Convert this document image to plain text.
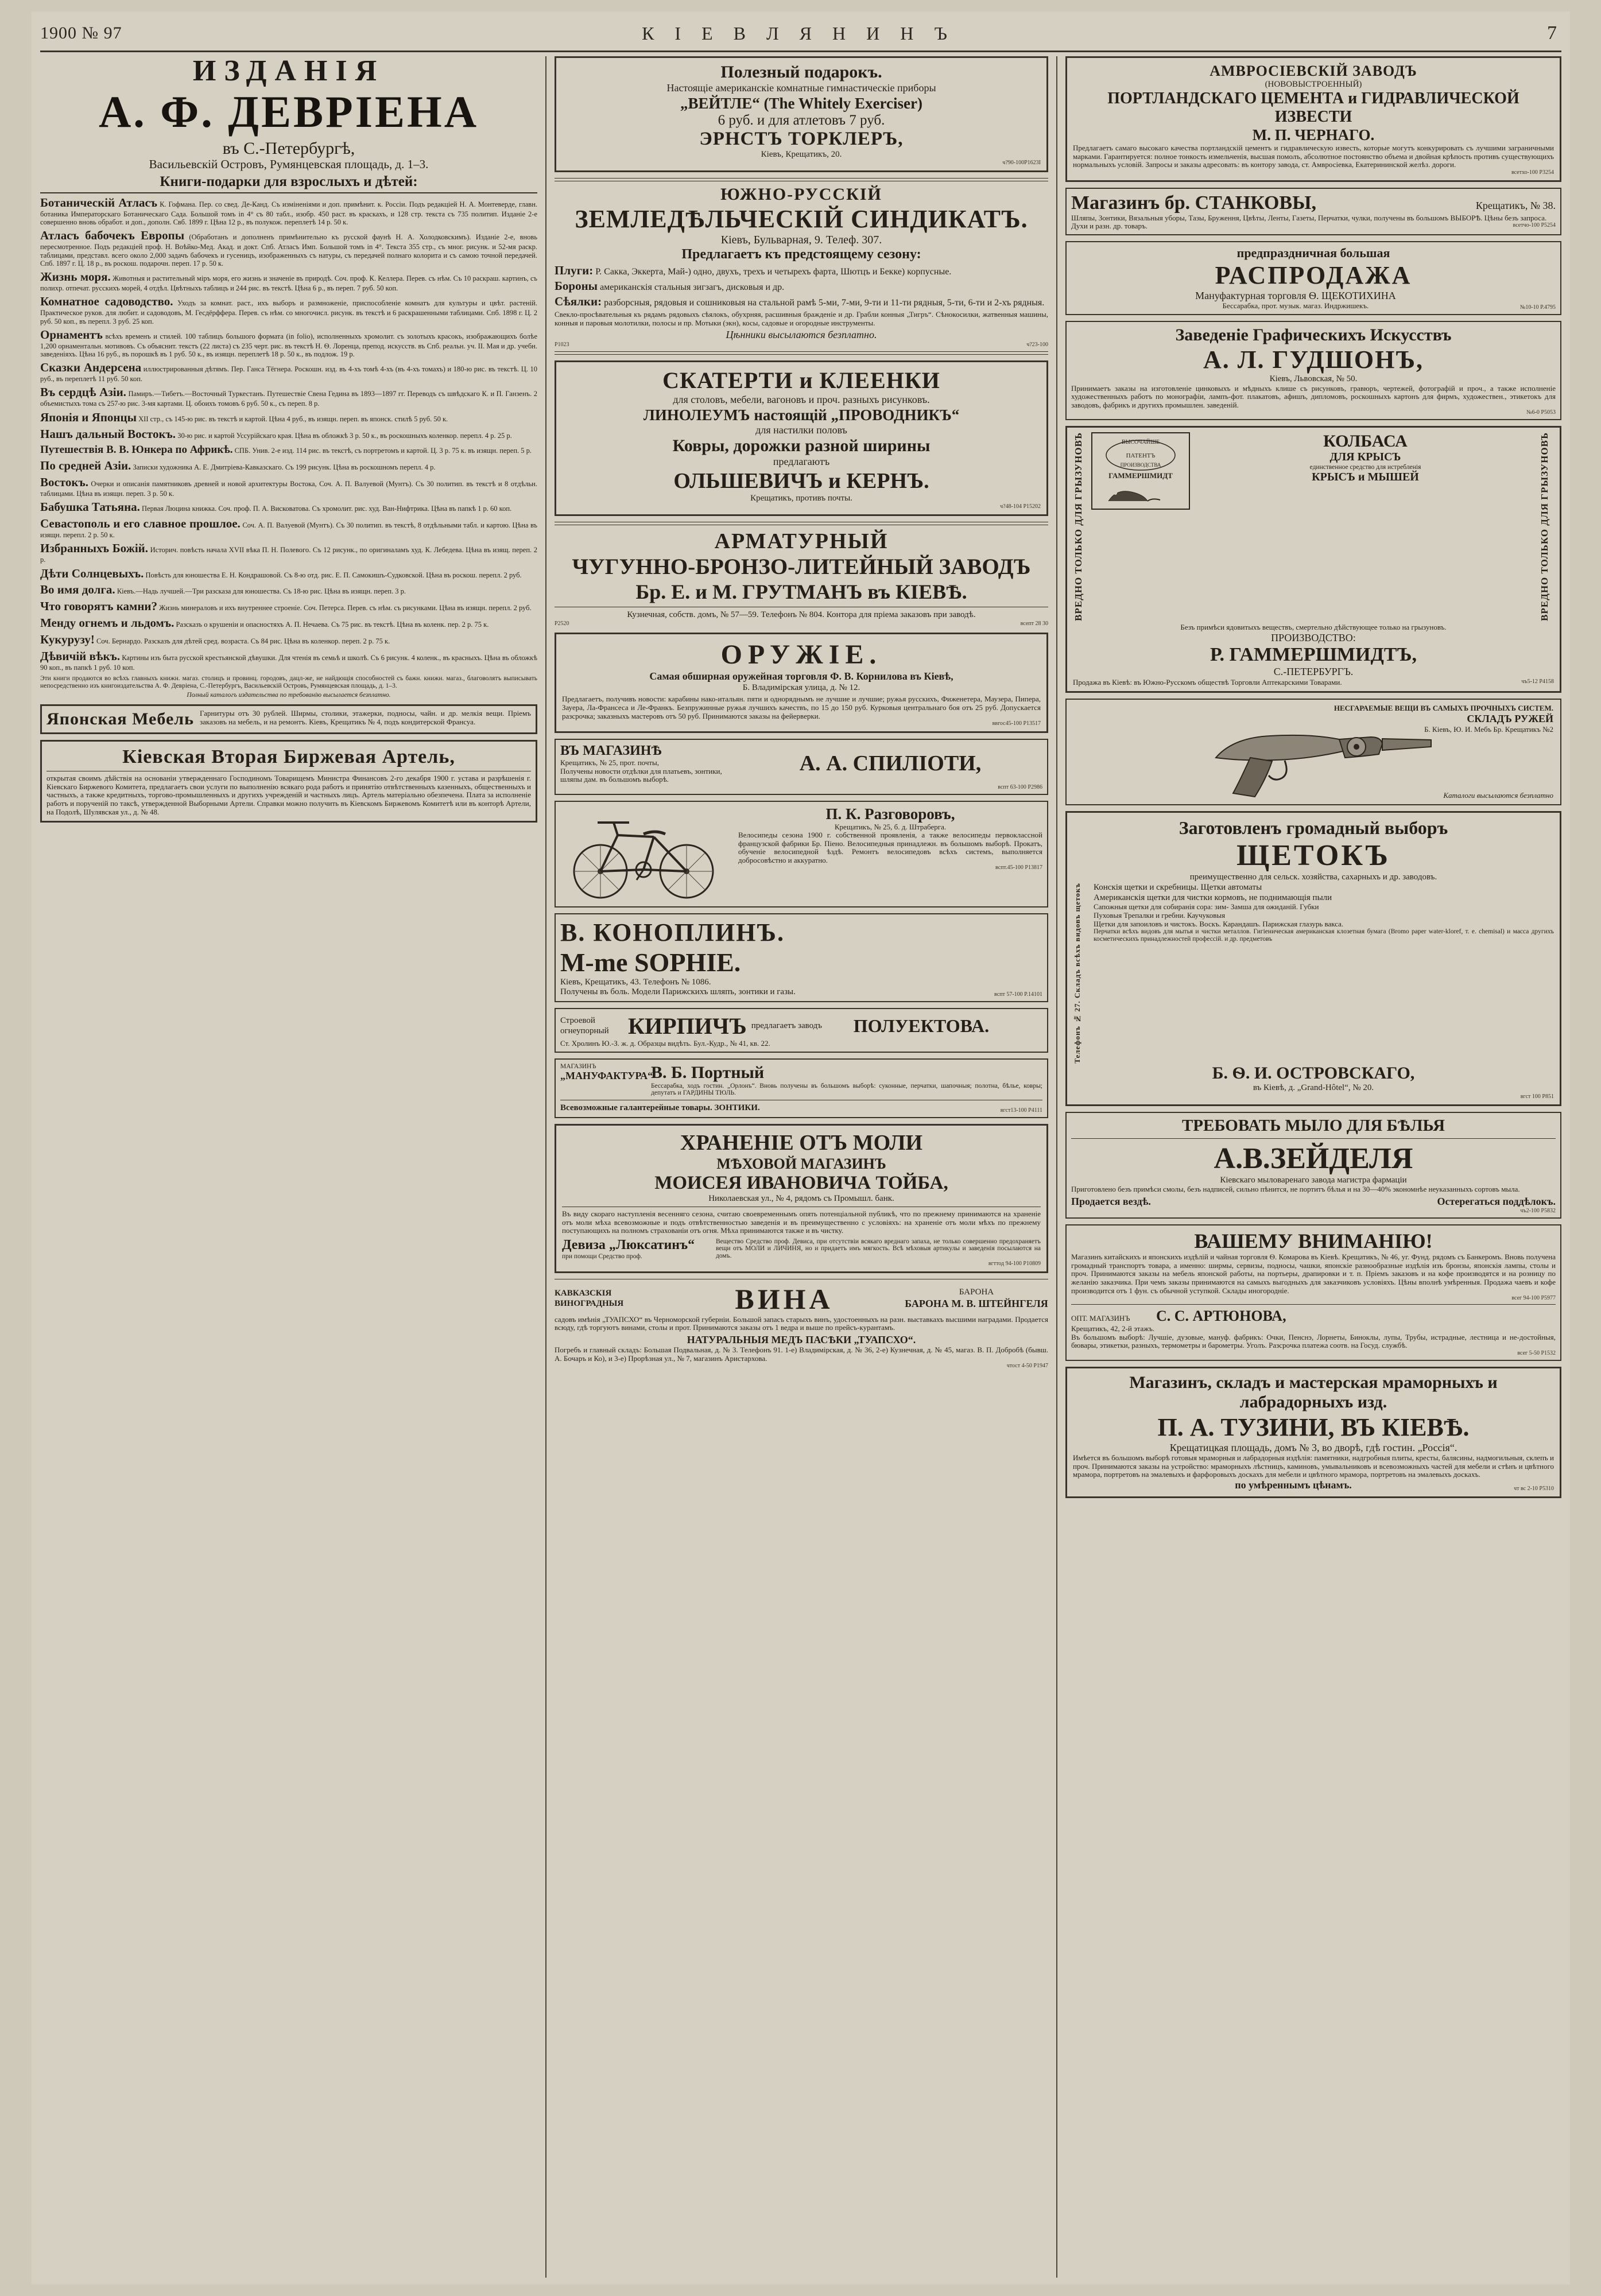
1900 № 97	К І Е В Л Я Н И Н Ъ	7
ИЗДАНІЯ
А. Ф. ДЕВРІЕНА
въ С.-Петербургѣ,
Васильевскій Островъ, Румянцевская площадь, д. 1–3.
Книги-подарки для взрослыхъ и дѣтей:
Ботаническій Атласъ К. Гофмана. Пер. со свед. Де-Канд. Съ изміненіями и доп. примѣнит. к. Россіи. Подъ редакціей Н. А. Монтеверде, главн. ботаника Императорскаго Ботаническаго Сада. Большой томъ in 4° съ 80 табл., изобр. 450 раст. въ краскахъ, и 128 стр. текста съ 735 политип. Изданіе 2-е совершенно вновь обработ. и доп., дополн. Свб. 1899 г. Цѣна 12 р., въ полукож. переплетѣ 14 р. 50 к.
Атласъ бабочекъ Европы (Обработанъ и дополненъ примѣнительно къ русской фаунѣ Н. А. Холодковскимъ). Изданіе 2-е, вновь пересмотренное. Подъ редакціей проф. Н. Воѣйко-Мед. Акад. и докт. Спб. Атласъ Имп. Большой томъ in 4°. Текста 355 стр., съ мног. рисунк. и 52-мя раскр. таблицами, представл. всего около 2,000 задачъ бабочекъ и гусеницъ, изображенныхъ съ натуры, съ передачей полнаго колорита и съ самою точной передачей. Спб. 1897 г. Ц. 18 р., въ роскош. подарочн. переп. 17 р. 50 к.
Жизнь моря. Животныя и растительный міръ моря, его жизнь и значеніе въ природѣ. Соч. проф. К. Келлера. Перев. съ нѣм. Съ 10 раскраш. картинъ, съ полихр. отпечат. русскихъ морей, 4 отдѣл. Цвѣтныхъ таблицъ и 244 рис. въ текстѣ. Цѣна 6 р., въ переп. 7 руб. 50 коп.
Комнатное садоводство. Уходъ за комнат. раст., ихъ выборъ и размноженіе, приспособленіе комнатъ для культуры и цвѣт. растеній. Практическое руков. для любит. и садоводовъ, М. Гесдёрффера. Перев. съ нѣм. со многочисл. рисунк. въ текстѣ и 6 раскрашенными таблицами. Спб. 1898 г. Ц. 2 руб. 50 коп., въ перепл. 3 руб. 25 коп.
Орнаментъ всѣхъ временъ и стилей. 100 таблицъ большого формата (in folio), исполненныхъ хромолит. съ золотыхъ красокъ, изображающихъ болѣе 1,200 орнаментальн. мотивовъ. Съ объяснит. текстъ (22 листа) съ 235 черт. рис. въ текстѣ Н. Ѳ. Лоренца, препод. искусств. въ Спб. реальн. уч. II. Мая и др. учебн. заведеніяхъ. Цѣна 16 руб., въ порошкѣ въ 1 руб. 50 к., въ изящн. переплетѣ 18 р. 50 к., въ подлож. 19 р.
Сказки Андерсена иллюстрированныя дѣтямъ. Пер. Ганса Тёгнера. Роскошн. изд. въ 4-хъ томѣ 4-хъ (въ 4-хъ томахъ) и 180-ю рис. въ текстѣ. Ц. 10 руб., въ переплетѣ 11 руб. 50 коп.
Въ сердцѣ Азіи. Памиръ.—Тибетъ.—Восточный Туркестанъ. Путешествіе Свена Гедина въ 1893—1897 гг. Переводъ съ швѣдскаго К. и П. Ганзенъ. 2 объемистыхъ тома съ 257-ю рис. 3-мя картами. Ц. обоихъ томовъ 6 руб. 50 к., съ переп. 8 р.
Японія и Японцы XII стр., съ 145-ю рис. въ текстѣ и картой. Цѣна 4 руб., въ изящн. переп. въ японск. стилѣ 5 руб. 50 к.
Нашъ дальный Востокъ. 30-ю рис. и картой Уссурійскаго края. Цѣна въ обложкѣ 3 р. 50 к., въ роскошныхъ коленкор. перепл. 4 р. 25 р.
Путешествія В. В. Юнкера по Африкѣ. СПБ. Унив. 2-е изд. 114 рис. въ текстѣ, съ портретомъ и картой. Ц. 3 р. 75 к. въ изящн. переп. 5 р.
По средней Азіи. Записки художника А. Е. Дмитріева-Кавказскаго. Съ 199 рисунк. Цѣна въ роскошномъ перепл. 4 р.
Востокъ. Очерки и описанія памятниковъ древней и новой архитектуры Востока, Соч. А. П. Валуевой (Мунтъ). Съ 30 политип. въ текстѣ и 8 отдѣльн. таблицами. Цѣна въ изящн. переп. 3 р. 50 к.
Бабушка Татьяна. Первая Люцина книжка. Соч. проф. П. А. Висковатова. Съ хромолит. рис. худ. Ван-Нифтрика. Цѣна въ папкѣ 1 р. 60 коп.
Севастополь и его славное прошлое. Соч. А. П. Валуевой (Мунтъ). Съ 30 политип. въ текстѣ, 8 отдѣльными табл. и картою. Цѣна въ изящн. перепл. 2 р. 50 к.
Избранныхъ Божій. Историч. повѣсть начала XVII вѣка П. Н. Полевого. Съ 12 рисунк., по оригиналамъ худ. К. Лебедева. Цѣна въ изящ. переп. 2 р.
Дѣти Солнцевыхъ. Повѣсть для юношества Е. Н. Кондрашовой. Съ 8-ю отд. рис. Е. П. Самокишъ-Судковской. Цѣна въ роскош. перепл. 2 руб.
Во имя долга. Кіевъ.—Надь лучшей.—Три разсказа для юношества. Съ 18-ю рис. Цѣна въ изящн. переп. 3 р.
Что говорятъ камни? Жизнь минераловъ и ихъ внутреннее строеніе. Соч. Петерса. Перев. съ нѣм. съ рисунками. Цѣна въ изящн. перепл. 2 руб.
Менду огнемъ и льдомъ. Разсказъ о крушеніи и опасностяхъ А. П. Нечаева. Съ 75 рис. въ текстѣ. Цѣна въ коленк. пер. 2 р. 75 к.
Кукурузу! Соч. Бернардо. Разсказъ для дѣтей сред. возраста. Съ 84 рис. Цѣна въ коленкор. переп. 2 р. 75 к.
Дѣвичій вѣкъ. Картины изъ быта русской крестьянской дѣвушки. Для чтенія въ семьѣ и школѣ. Съ 6 рисунк. 4 коленк., въ красныхъ. Цѣна въ обложкѣ 90 коп., въ папкѣ 1 руб. 10 коп.
Эти книги продаются во всѣхъ главныхъ книжн. магаз. столицъ и провинц. городовъ, дацл-же, не найдющія способностей съ бажн. книжн. магаз., благоволятъ выписывать непосредственно изъ книгоиздательства А. Ф. Девріена, С.-Петербургъ, Васильевскій Островъ, Румянцевская площадь, д. 1–3.
Полный каталогъ издательства по требованію высылается безплатно.
Японская Мебель Гарнитуры отъ 30 рублей. Ширмы, столики, этажерки, подносы, чайн. и др. мелкія вещи. Пріемъ заказовъ на мебель, и на ремонтъ. Кіевъ, Крещатикъ № 4, подъ кондитерской Франсуа.
Кіевская Вторая Биржевая Артель,
открытая своимъ дѣйствія на основаніи утвержденнаго Господиномъ Товарищемъ Министра Финансовъ 2-го декабря 1900 г. устава и разрѣшенія г. Кіевскаго Биржевого Комитета, предлагаетъ свои услуги по выполненію всякаго рода работъ и принятію отвѣтственныхъ казенныхъ, общественныхъ и частныхъ, а также кредитныхъ, торгово-промышленныхъ и другихъ учрежденій и частныхъ лицъ. Артель матеріально обезпечена. Плата за исполненіе работъ и порученій по таксѣ, утвержденной Выборными Артели. Справки можно получить въ Кіевскомъ Биржевомъ Комитетѣ или въ конторѣ Артели, на Подолѣ, Шулявская ул., д. № 48.
Полезный подарокъ.
Настоящіе американскіе комнатные гимнастическіе приборы
„ВЕЙТЛЕ“ (The Whitely Exerciser)
6 руб. и для атлетовъ 7 руб.
ЭРНСТЪ ТОРКЛЕРЪ,
Кіевъ, Крещатикъ, 20.
ч?90-100Р1623I
ЮЖНО-РУССКІЙ
ЗЕМЛЕДѢЛЬЧЕСКІЙ СИНДИКАТЪ.
Кіевъ, Бульварная, 9. Телеф. 307.
Предлагаетъ къ предстоящему сезону:
Плуги: Р. Сакка, Эккерта, Май-) одно, двухъ, трехъ и четырехъ фарта, Шютцъ и Бекке) корпусные.
Бороны американскія стальныя зигзагъ, дисковыя и др.
Сѣялки: разборсныя, рядовыя и сошниковыя на стальной рамѣ 5-ми, 7-ми, 9-ти и 11-ти рядныя, 5-ти, 6-ти и 2-хъ рядныя.
Свекло-просѣвательныя къ рядамъ рядовыхъ сѣялокъ, обухрняя, расшивныя бражденіе и др. Грабли конныя „Тигръ“. Сѣнокосилки, жатвенныя машины, конныя и паровыя молотилки, полосы и пр. Мотыки (экн), косы, садовые и огородные инструменты.
Цѣнники высылаются безплатно.
Р1023	ч?23-100
СКАТЕРТИ и КЛЕЕНКИ
для столовъ, мебели, вагоновъ и проч. разныхъ рисунковъ.
ЛИНОЛЕУМЪ настоящій „ПРОВОДНИКЪ“
для настилки половъ
Ковры, дорожки разной ширины
предлагаютъ
ОЛЬШЕВИЧЪ и КЕРНЪ.
Крещатикъ, противъ почты.
ч?48-104 Р15202
АРМАТУРНЫЙ
ЧУГУННО-БРОНЗО-ЛИТЕЙНЫЙ ЗАВОДЪ
Бр. Е. и М. ГРУТМАНЪ въ КІЕВѢ.
Кузнечная, собств. домъ, № 57—59. Телефонъ № 804. Контора для пріема заказовъ при заводѣ.
Р2520	всепт 28 30
ОРУЖІЕ.
Самая обширная оружейная торговля Ф. В. Корнилова въ Кіевѣ,
Б. Владимірская улица, д. № 12.
Предлагаетъ, получивъ новости: карабины нако-итальян. пяти и одноряднымъ не лучшие и лучшие; ружья русскихъ, Фиженетера, Маузера, Пипера, Зауера, Ла-Франсеса и Ле-Франкъ. Безпружинные ружья лучшихъ качествъ, по 15 до 150 руб. Курковыя центральнаго боя отъ 25 руб. Допускается разсрочка; заказныхъ мастеровъ отъ 50 руб. Принимаются заказы на фейерверки.
ввгос45-100 Р13517
ВЪ МАГАЗИНѢ
Крещатикъ, № 25, прот. почты,
Получены новости отдѣлки для платьевъ, зонтики, шляпы дам. въ большомъ выборѣ.
А. А. СПИЛІОТИ,
вспт 63-100 Р2986
П. К. Разговоровъ,
Крещатикъ, № 25, б. д. Штраберга.
Велосипеды сезона 1900 г. собственной проявленія, а также велосипеды первоклассной французской фабрики Бр. Піено. Велосипедныя принадлежн. въ большомъ выборѣ. Прокатъ, обученіе велосипедной ѣздѣ. Ремонтъ велосипедовъ всѣхъ системъ, выполняется добросовѣстно и аккуратно.
вспт.45-100 Р13817
В. КОНОПЛИНЪ.
M-me SOPHIE.
Кіевъ, Крещатикъ, 43. Телефонъ № 1086.
Получены въ боль. Модели Парижскихъ шляпъ, зонтики и газы.	вспт 57-100 Р.14101
Строевой
огнеупорный КИРПИЧЪ предлагаетъ заводъ	ПОЛУЕКТОВА.
Ст. Хролинъ Ю.-З. ж. д. Образцы видѣть. Бул.-Кудр., № 41, кв. 22.
МАГАЗИНЪ
„МАНУФАКТУРА“
В. Б. Портный
Бессарабка, ходъ гостин. „Орлонъ“. Вновь получены въ большомъ выборѣ: суконные, перчатки, шапочныя; полотна, бѣлье, ковры; депутатъ и ГАРДИНЫ ТЮЛЬ.
Всевозможные галантерейные товары. ЗОНТИКИ.	вгст13-100 Р4111
ХРАНЕНІЕ ОТЪ МОЛИ
МѢХОВОЙ МАГАЗИНЪ
МОИСЕЯ ИВАНОВИЧА ТОЙБА,
Николаевская ул., № 4, рядомъ съ Промышл. банк.
Въ виду скораго наступленія весенняго сезона, считаю своевременнымъ опять потенціальной публикѣ, что по прежнему принимаются на храненіе отъ моли мѣха всевозможные и подъ отвѣтственностью заведенія и въ преимущественно с условіяхъ: на храненіе отъ моли мѣхъ по прежнему поступающихъ на полномъ страхованіи отъ огня. Мѣха принимаются также и въ чистку.
Девиза „Люксатинъ“
при помощи Средство проф.
Вещество Средство проф. Девиса, при отсутствіи всякаго вреднаго запаха, не только совершенно предохраняетъ вещи отъ МОЛИ и ЛИЧИНЯ, но и придаетъ имъ мягкость. Всѣ мѣховыя артикулы и заведенія посылаются на домъ.
вгттод 94-100 Р10809
КАВКАЗСКІЯ ВИНОГРАДНЫЯ	ВИНА	БАРОНА
БАРОНА М. В. ШТЕЙНГЕЛЯ
садовъ имѣнія „ТУАПСХО“ въ Черноморской губерніи. Большой запасъ старыхъ винъ, удостоенныхъ на разн. выставкахъ высшими наградами. Продается всюду, гдѣ торгуютъ винами, столы и прот. Принимаются заказы отъ 1 ведра и выше по прейсъ-курантамъ.
НАТУРАЛЬНЫЯ МЕДЪ ПАСѢКИ „ТУАПСХО“.
Погребъ и главный складъ: Большая Подвальная, д. № 3. Телефонъ 91. 1-е) Владимірская, д. № 36, 2-е) Кузнечная, д. № 45, магаз. В. П. Добробѣ (бывш. А. Бочаръ и Ко), и 3-е) Прорѣзная ул., № 7, магазинъ Аристархова.
чтост 4-50 Р1947
АМВРОСІЕВСКІЙ ЗАВОДЪ
(НОВОВЫСТРОЕННЫЙ)
ПОРТЛАНДСКАГО ЦЕМЕНТА и ГИДРАВЛИЧЕСКОЙ ИЗВЕСТИ
М. П. ЧЕРНАГО.
Предлагаетъ самаго высокаго качества портландскій цементъ и гидравлическую известь, которые могутъ конкурировать съ лучшими заграничными марками. Гарантируется: полное тонкость измельченія, высшая помолъ, абсолютное постоянство объема и двойная крѣпость противъ существующихъ нормальныхъ условій. Запросы и заказы адресовать: въ контору завода, ст. Амвросіевка, Екатерининской желѣз. дороги.
всетхо-100 Р3254
Магазинъ бр. СТАНКОВЫ,	Крещатикъ, № 38.
Шляпы, Зонтики, Вязальныя уборы, Тазы, Бруження, Цвѣты, Ленты, Газеты, Перчатки, чулки, получены въ большомъ ВЫБОРѢ. Цѣны безъ запроса.
Духи и разн. др. товаръ.	всетчо-100 Р5254
предпраздничная большая
РАСПРОДАЖА
Мануфактурная торговля Ѳ. ЩЕКОТИХИНА
Бессарабка, прот. музык. магаз. Индржишекъ.	№10-10 Р.4795
Заведеніе Графическихъ Искусствъ
А. Л. ГУДШОНЪ,
Кіевъ, Львовская, № 50.
Принимаетъ заказы на изготовленіе цинковыхъ и мѣдныхъ клише съ рисунковъ, гравюръ, чертежей, фотографій и проч., а также исполненіе художественныхъ работъ по монографіи, лампъ-фот. плакатовъ, афишъ, дипломовъ, роскошныхъ картонъ для фирмъ, художествен., этикетокъ для заводовъ, фабрикъ и другихъ промышлен. заведеній.
№6-0 Р5053
ВРЕДНО ТОЛЬКО ДЛЯ ГРЫЗУНОВЪ	ВЫСОЧАЙШЕ
ПАТЕНТЪ
ПРОИЗВОДСТВА
ГАММЕРШМИДТ
КОЛБАСА
ДЛЯ КРЫСЪ
единственное средство для истребленія
КРЫСЪ и МЫШЕЙ	ВРЕДНО ТОЛЬКО ДЛЯ ГРЫЗУНОВЪ
Безъ примѣси ядовитыхъ веществъ, смертельно дѣйствующее только на грызуновъ.
ПРОИЗВОДСТВО:
Р. ГАММЕРШМИДТЪ,
С.-ПЕТЕРБУРГЪ.
Продажа въ Кіевѣ: въ Южно-Русскомъ обществѣ Торговли Аптекарскими Товарами.	чъ5-12 Р4158
НЕСГАРАЕМЫЕ ВЕЩИ ВЪ САМЫХЪ ПРОЧНЫХЪ СИСТЕМ.
СКЛАДЪ РУЖЕЙ
Б. Кіевъ, Ю. И. Мебъ Бр. Крещатикъ №2
Каталоги высылаются безплатно
Заготовленъ громадный выборъ
ЩЕТОКЪ
преимущественно для сельск. хозяйства, сахарныхъ и др. заводовъ.
Телефонъ № 27. Складъ всѣхъ видовъ щетокъ	Конскія щетки и скребницы. Щетки автоматы
Американскія щетки для чистки кормовъ, не поднимающія пыли
Сапожныя щетки для собиранія сора: зим- Замша для ожиданій. Губки
Пуховыя Трепалки и гребни. Каучуковыя
Щетки для запоиловъ и чистокъ. Воскъ. Карандашъ. Парижская глазурь вакса.
Перчатки всѣхъ видовъ для мытья и чистки металлов. Гигіеническая американская клозетная бумага (Bromo paper water-kloref, т. е. chemisal) и масса другихъ косметическихъ принадлежностей профессій. и др. предметовъ
Б. Ѳ. И. ОСТРОВСКАГО,
въ Кіевѣ, д. „Grand-Hôtel“, № 20.
вгст 100 Р851
ТРЕБОВАТЬ МЫЛО ДЛЯ БѢЛЬЯ
А.В.ЗЕЙДЕЛЯ
Кіевскаго мыловаренаго завода магистра фармаціи
Приготовлено безъ примѣси смолы, безъ надписей, сильно пѣнится, не портитъ бѣлья и на 30—40% экономнѣе неуказанныхъ сортовъ мыла.
Продается вездѣ.	Остерегаться поддѣлокъ.
чъ2-100 Р5832
ВАШЕМУ ВНИМАНІЮ!
Магазинъ китайскихъ и японскихъ издѣлій и чайная торговля Ѳ. Комарова въ Кіевѣ. Крещатикъ, № 46, уг. Фунд. рядомъ съ Банкеромъ. Вновь получена громадный транспортъ товара, а именно: ширмы, сервизы, подносы, чашки, японскіе разнообразные издѣлія изъ бронзы, японскія лампы, столы и проч. Принимаются заказы на мебель японской работы, на портьеры, драпировки и т. п. Пріемъ заказовъ и на кофе производятся и на розницу по желанію заказчика. При чемъ заказы принимаются на самыхъ выгодныхъ для заказчиковъ условіяхъ. Цѣны вполнѣ умѣренныя. Продажа чаевъ и кофе производится отъ 1 фун. съ обычной уступкой. Склады иногородніе.
всег 94-100 Р5977
ОПТ. МАГАЗИНЪ	С. С. АРТЮНОВА,
Крещатикъ, 42, 2-й этажъ.
Въ большомъ выборѣ: Лучшіе, дузовые, мануф. фабрикъ: Очки, Пенснэ, Лорнеты, Биноклы, лупы, Трубы, истрадные, лестница и не-достойныя, бювары, этикетки, разныхъ, термометры и барометры. Уголъ. Разсрочка платежа соотв. на Госуд. службѣ.
всег 5-50 Р1532
Магазинъ, складъ и мастерская мраморныхъ и лабрадорныхъ изд.
П. А. ТУЗИНИ, ВЪ КІЕВѢ.
Крещатицкая площадь, домъ № 3, во дворѣ, гдѣ гостин. „Россія“.
Имѣется въ большомъ выборѣ готовыя мраморныя и лабрадорныя издѣлія: памятники, надгробныя плиты, кресты, балясины, надмогильныя, склепъ и проч. Принимаются заказы на устройство: мраморныхъ лѣстницъ, каминовъ, умывальниковъ и всевозможныхъ частей для мебели и стѣнъ и цвѣтного мрамора, портретовъ на эмалевыхъ и фарфоровыхъ доскахъ для мебели и цвѣтного мрамора, портретовъ на эмалевыхъ доскахъ.
по умѣреннымъ цѣнамъ.	чт вс 2-10 Р5310
